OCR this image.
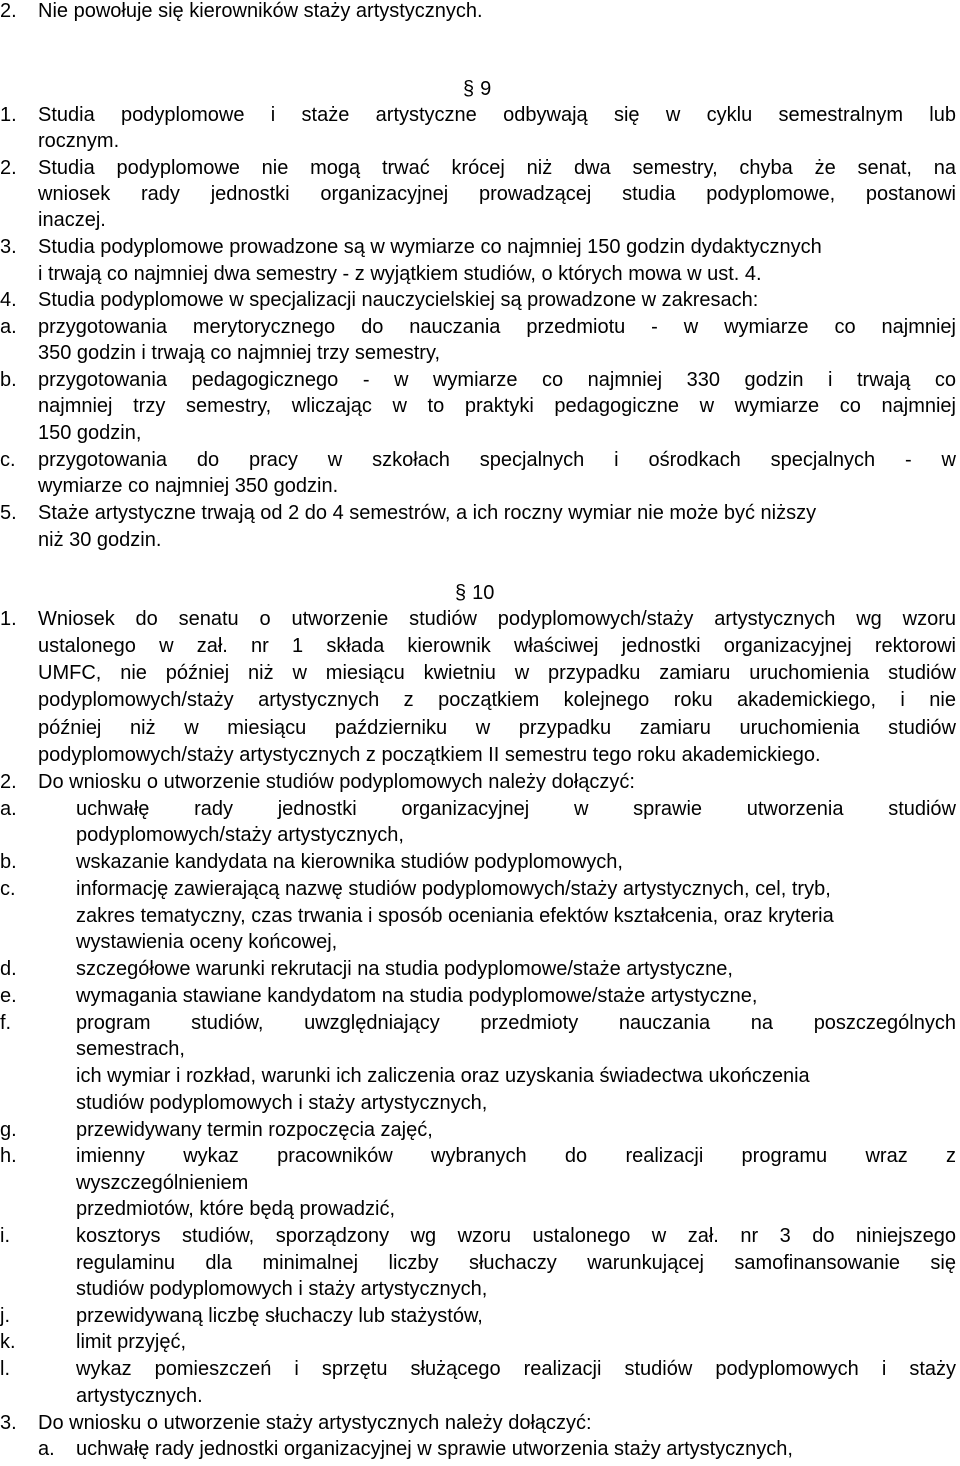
2. Nie powołuje się kierowników staży artystycznych.
§ 9
1. Studia podyplomowe i staże artystyczne odbywają się w cyklu semestralnym lub
rocznym.
2. Studia podyplomowe nie mogą trwać krócej niż dwa semestry, chyba że senat, na
wniosek rady jednostki organizacyjnej prowadzącej studia podyplomowe, postanowi
inaczej.
3. Studia podyplomowe prowadzone są w wymiarze co najmniej 150 godzin dydaktycznych
i trwają co najmniej dwa semestry - z wyjątkiem studiów, o których mowa w ust. 4.
4. Studia podyplomowe w specjalizacji nauczycielskiej są prowadzone w zakresach:
a. przygotowania merytorycznego do nauczania przedmiotu - w wymiarze co najmniej
350 godzin i trwają co najmniej trzy semestry,
b. przygotowania pedagogicznego - w wymiarze co najmniej 330 godzin i trwają co
najmniej trzy semestry, wliczając w to praktyki pedagogiczne w wymiarze co najmniej
150 godzin,
c. przygotowania do pracy w szkołach specjalnych i ośrodkach specjalnych - w
wymiarze co najmniej 350 godzin.
5. Staże artystyczne trwają od 2 do 4 semestrów, a ich roczny wymiar nie może być niższy
niż 30 godzin.
§ 10
1. Wniosek do senatu o utworzenie studiów podyplomowych/staży artystycznych wg wzoru
ustalonego w zał. nr 1 składa kierownik właściwej jednostki organizacyjnej rektorowi
UMFC, nie później niż w miesiącu kwietniu w przypadku zamiaru uruchomienia studiów
podyplomowych/staży artystycznych z początkiem kolejnego roku akademickiego, i nie
później niż w miesiącu październiku w przypadku zamiaru uruchomienia studiów
podyplomowych/staży artystycznych z początkiem II semestru tego roku akademickiego.
2. Do wniosku o utworzenie studiów podyplomowych należy dołączyć:
a.	uchwałę rady jednostki organizacyjnej w sprawie utworzenia studiów
podyplomowych/staży artystycznych,
b.	wskazanie kandydata na kierownika studiów podyplomowych,
c.	informację zawierającą nazwę studiów podyplomowych/staży artystycznych, cel, tryb,
zakres tematyczny, czas trwania i sposób oceniania efektów kształcenia, oraz kryteria
wystawienia oceny końcowej,
d.	szczegółowe warunki rekrutacji na studia podyplomowe/staże artystyczne,
e.	wymagania stawiane kandydatom na studia podyplomowe/staże artystyczne,
f.	program studiów, uwzględniający przedmioty nauczania na poszczególnych
semestrach,
ich wymiar i rozkład, warunki ich zaliczenia oraz uzyskania świadectwa ukończenia
studiów podyplomowych i staży artystycznych,
g.	przewidywany termin rozpoczęcia zajęć,
h.	imienny wykaz pracowników wybranych do realizacji programu wraz z
wyszczególnieniem
przedmiotów, które będą prowadzić,
i.	kosztorys studiów, sporządzony wg wzoru ustalonego w zał. nr 3 do niniejszego
regulaminu dla minimalnej liczby słuchaczy warunkującej samofinansowanie się
studiów podyplomowych i staży artystycznych,
j.	przewidywaną liczbę słuchaczy lub stażystów,
k.	limit przyjęć,
l.	wykaz pomieszczeń i sprzętu służącego realizacji studiów podyplomowych i staży
artystycznych.
3. Do wniosku o utworzenie staży artystycznych należy dołączyć:
a. uchwałę rady jednostki organizacyjnej w sprawie utworzenia staży artystycznych,
